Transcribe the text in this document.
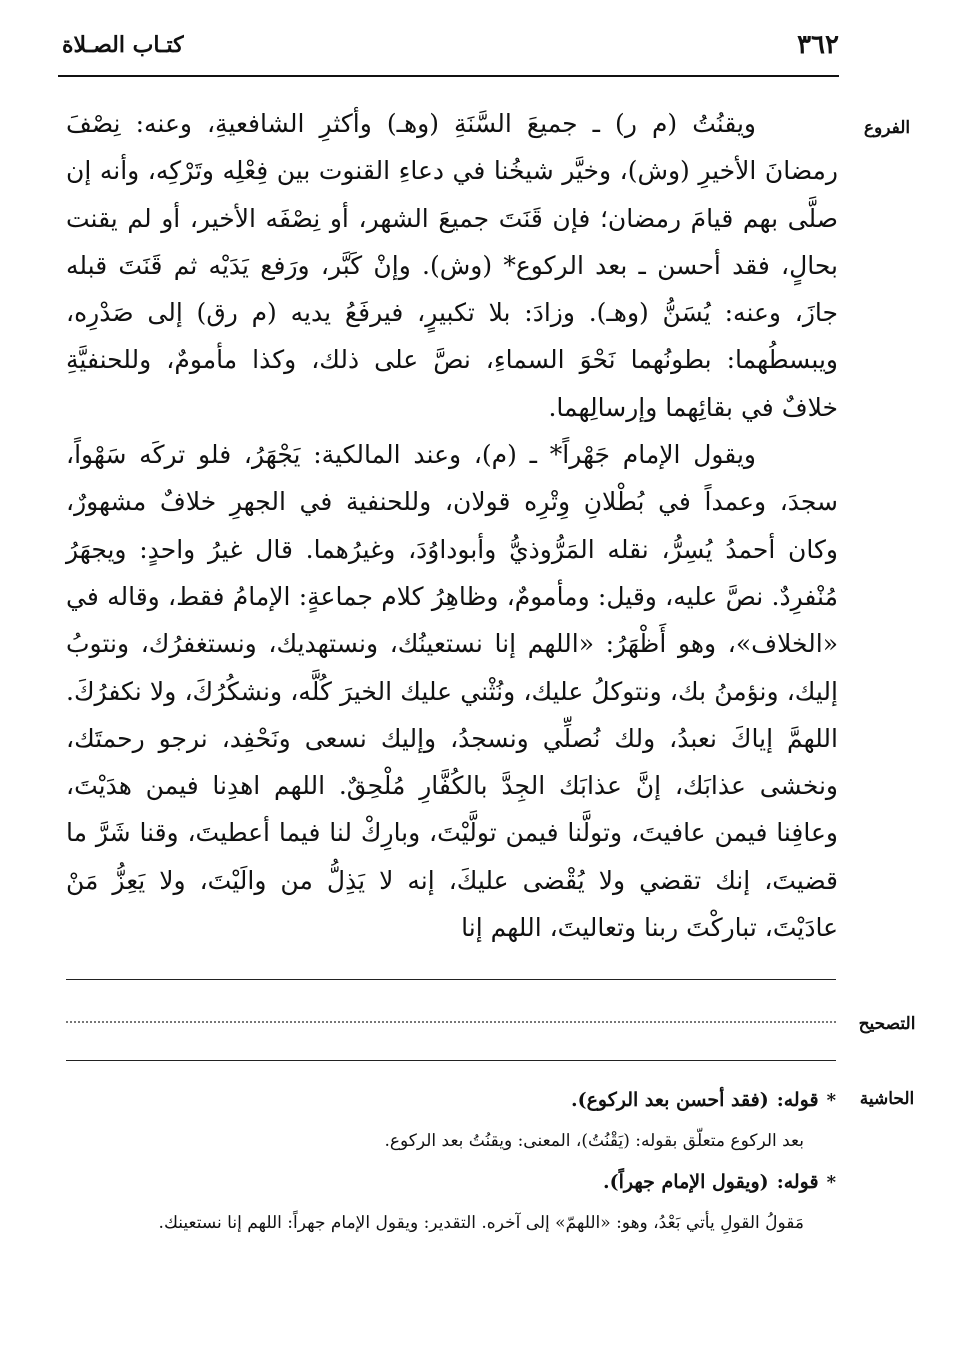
٣٦٢
كتـاب الصـلاة
الفروع
التصحيح
الحاشية

ويقنُتُ (م ر) ـ جميعَ السَّنَةِ (وهـ) وأكثرِ الشافعيةِ، وعنه: نِصْفَ رمضانَ الأخيرِ (وش)، وخيَّر شيخُنا في دعاءِ القنوت بين فِعْلِه وتَرْكِه، وأنه إن صلَّى بهم قيامَ رمضان؛ فإن قَنَتَ جميعَ الشهر، أو نِصْفَه الأخير، أو لم يقنت بحالٍ، فقد أحسن ـ بعد الركوع* (وش). وإنْ كَبَّر، ورَفع يَدَيْه ثم قَنَتَ قبله جازَ، وعنه: يُسَنُّ (وهـ). وزادَ: بلا تكبيرٍ، فيرفَعُ يديه (م رق) إلى صَدْرِه، ويبسطُهما: بطونُهما نَحْوَ السماءِ، نصَّ على ذلك، وكذا مأمومٌ، وللحنفيَّةِ خلافٌ في بقائِهما وإرسالِهما.

ويقول الإمام جَهْراً* ـ (م)، وعند المالكية: يَجْهَرُ، فلو تركَه سَهْواً، سجدَ، وعمداً في بُطْلانِ وِتْرِه قولان، وللحنفية في الجهرِ خلافٌ مشهورٌ، وكان أحمدُ يُسِرُّ، نقله المَرُّوذيُّ وأبوداوُدَ، وغيرُهما. قال غيرُ واحدٍ: ويجهَرُ مُنْفرِدٌ. نصَّ عليه، وقيل: ومأمومٌ، وظاهِرُ كلام جماعةٍ: الإمامُ فقط، وقاله في «الخلاف»، وهو أَظْهَرُ: «اللهم إنا نستعينُك، ونستهديك، ونستغفرُك، ونتوبُ إليك، ونؤمنُ بك، ونتوكلُ عليك، ونُثْني عليك الخيرَ كُلَّه، ونشكُرُكَ، ولا نكفرُكَ. اللهمَّ إياكَ نعبدُ، ولك نُصلِّي ونسجدُ، وإليك نسعى ونَحْفِد، نرجو رحمتَك، ونخشى عذابَك، إنَّ عذابَك الجِدَّ بالكُفَّارِ مُلْحِقٌ. اللهم اهدِنا فيمن هدَيْتَ، وعافِنا فيمن عافيتَ، وتولَّنا فيمن تولَّيْتَ، وبارِكْ لنا فيما أعطيتَ، وقنا شَرَّ ما قضيتَ، إنك تقضي ولا يُقْضى عليكَ، إنه لا يَذِلُّ من والَيْتَ، ولا يَعِزُّ مَنْ عادَيْتَ، تباركْتَ ربنا وتعاليتَ، اللهم إنا

*
قوله:
(فقد أحسن بعد الركوع).

بعد الركوع متعلّق بقوله: (يَقْنُتُ)، المعنى: ويقنُتُ بعد الركوع.

*
قوله:
(ويقول الإمام جهراً).

مَقولُ القولِ يأتي بَعْدُ، وهو: «اللهمّ» إلى آخره. التقدير: ويقول الإمام جهراً: اللهم إنا نستعينك.
